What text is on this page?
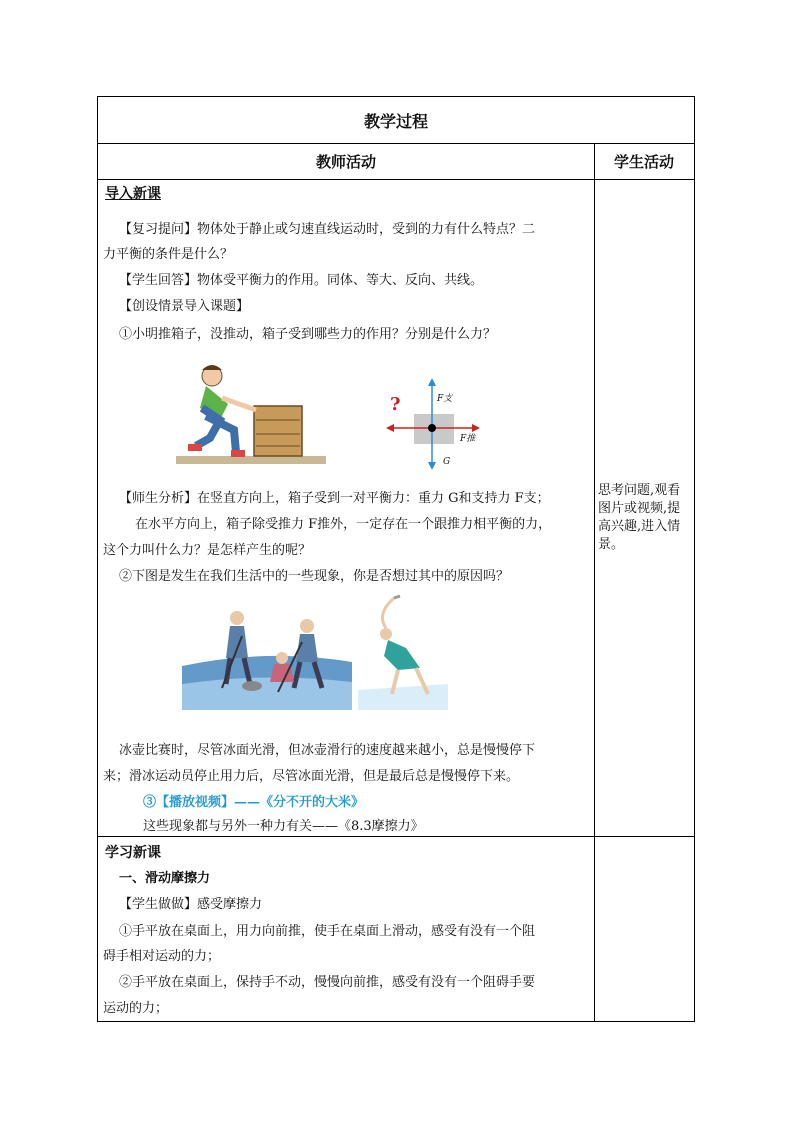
教学过程
教师活动	学生活动
导入新课
【复习提问】物体处于静止或匀速直线运动时，受到的力有什么特点？二
力平衡的条件是什么？
【学生回答】物体受平衡力的作用。同体、等大、反向、共线。
【创设情景导入课题】
①小明推箱子，没推动，箱子受到哪些力的作用？分别是什么力？
?	F支
F推
G
【师生分析】在竖直方向上，箱子受到一对平衡力：重力 G和支持力 F支；
在水平方向上，箱子除受推力 F推外，一定存在一个跟推力相平衡的力，
这个力叫什么力？是怎样产生的呢？
②下图是发生在我们生活中的一些现象，你是否想过其中的原因吗？
冰壶比赛时，尽管冰面光滑，但冰壶滑行的速度越来越小，总是慢慢停下
来；滑冰运动员停止用力后，尽管冰面光滑，但是最后总是慢慢停下来。
③【播放视频】——《分不开的大米》
这些现象都与另外一种力有关——《8.3摩擦力》
思考问题,观看图片或视频,提高兴趣,进入情景。
学习新课
一、滑动摩擦力
【学生做做】感受摩擦力
①手平放在桌面上，用力向前推，使手在桌面上滑动，感受有没有一个阻
碍手相对运动的力；
②手平放在桌面上，保持手不动，慢慢向前推，感受有没有一个阻碍手要
运动的力；
